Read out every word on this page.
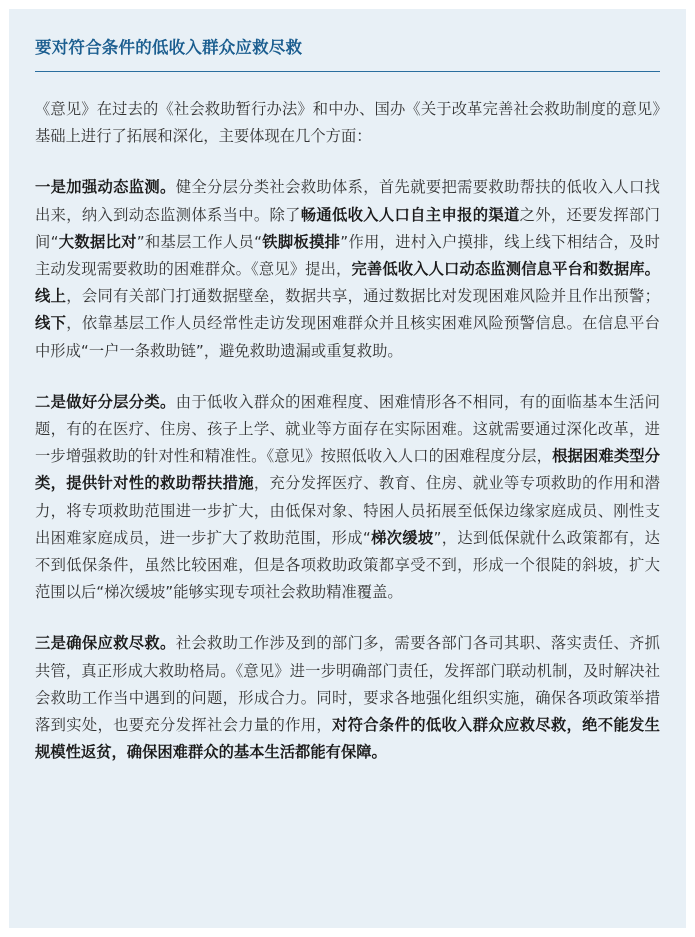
要对符合条件的低收入群众应救尽救

《意见》在过去的《社会救助暂行办法》和中办、国办《关于改革完善社会救助制度的意见》基础上进行了拓展和深化，主要体现在几个方面：

一是加强动态监测。健全分层分类社会救助体系，首先就要把需要救助帮扶的低收入人口找出来，纳入到动态监测体系当中。除了畅通低收入人口自主申报的渠道之外，还要发挥部门间“大数据比对”和基层工作人员“铁脚板摸排”作用，进村入户摸排，线上线下相结合，及时主动发现需要救助的困难群众。《意见》提出，完善低收入人口动态监测信息平台和数据库。线上，会同有关部门打通数据壁垒，数据共享，通过数据比对发现困难风险并且作出预警；线下，依靠基层工作人员经常性走访发现困难群众并且核实困难风险预警信息。在信息平台中形成“一户一条救助链”，避免救助遗漏或重复救助。

二是做好分层分类。由于低收入群众的困难程度、困难情形各不相同，有的面临基本生活问题，有的在医疗、住房、孩子上学、就业等方面存在实际困难。这就需要通过深化改革，进一步增强救助的针对性和精准性。《意见》按照低收入人口的困难程度分层，根据困难类型分类，提供针对性的救助帮扶措施，充分发挥医疗、教育、住房、就业等专项救助的作用和潜力，将专项救助范围进一步扩大，由低保对象、特困人员拓展至低保边缘家庭成员、刚性支出困难家庭成员，进一步扩大了救助范围，形成“梯次缓坡”，达到低保就什么政策都有，达不到低保条件，虽然比较困难，但是各项救助政策都享受不到，形成一个很陡的斜坡，扩大范围以后“梯次缓坡”能够实现专项社会救助精准覆盖。

三是确保应救尽救。社会救助工作涉及到的部门多，需要各部门各司其职、落实责任、齐抓共管，真正形成大救助格局。《意见》进一步明确部门责任，发挥部门联动机制，及时解决社会救助工作当中遇到的问题，形成合力。同时，要求各地强化组织实施，确保各项政策举措落到实处，也要充分发挥社会力量的作用，对符合条件的低收入群众应救尽救，绝不能发生规模性返贫，确保困难群众的基本生活都能有保障。
